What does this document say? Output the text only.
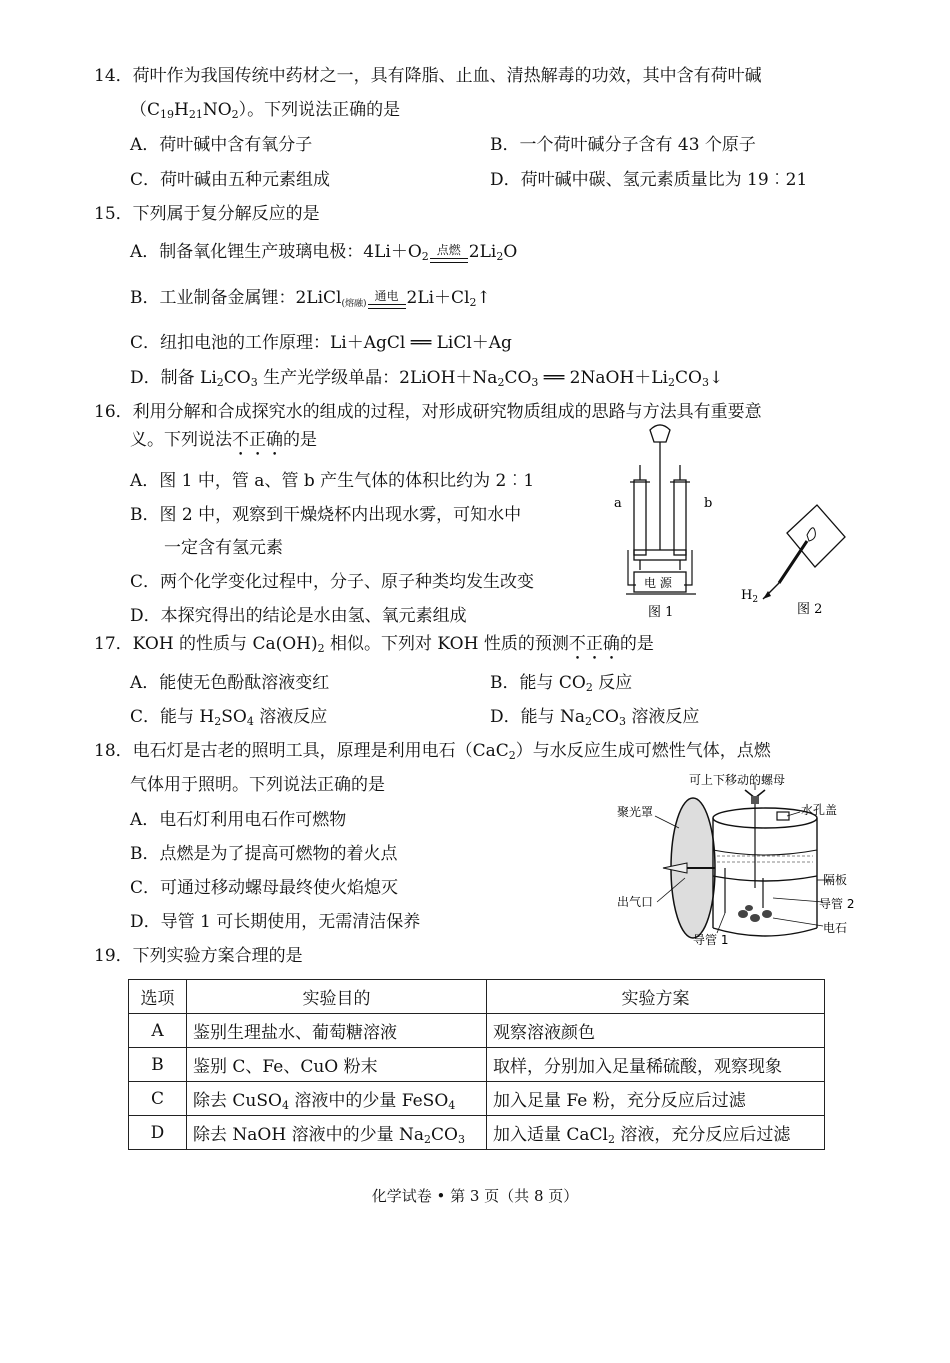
14．荷叶作为我国传统中药材之一，具有降脂、止血、清热解毒的功效，其中含有荷叶碱
$(C_{19}H_{21}NO_2)$。下列说法正确的是
A．荷叶碱中含有氧分子	B．一个荷叶碱分子含有 43 个原子
C．荷叶碱由五种元素组成	D．荷叶碱中碳、氢元素质量比为 19︰21
15．下列属于复分解反应的是
A．制备氧化锂生产玻璃电极：$4Li+O_2$ 点燃 $2Li_2O$
B．工业制备金属锂：2LiCl$_{(熔融)}$
通电 $2Li+Cl_2↑$
C．纽扣电池的工作原理：Li＋AgCl ══ LiCl＋Ag
D．制备 $Li_2CO_3$ 生产光学级单晶：$2LiOH+Na_2CO_3$ ══ $2NaOH+Li_2CO_3↓$
16．利用分解和合成探究水的组成的过程，对形成研究物质组成的思路与方法具有重要意
义。下列说法不正确的是
A．图 1 中，管 a、管 b 产生气体的体积比约为 2︰1
B．图 2 中，观察到干燥烧杯内出现水雾，可知水中
一定含有氢元素
C．两个化学变化过程中，分子、原子种类均发生改变
D．本探究得出的结论是水由氢、氧元素组成
a	b
电 源
图 1
$H_2$
图 2
17．KOH 的性质与 $Ca(OH)_2$ 相似。下列对 KOH 性质的预测不正确的是
A．能使无色酚酞溶液变红	B．能与 $CO_2$ 反应
C．能与 $H_2SO_4$ 溶液反应	D．能与 $Na_2CO_3$ 溶液反应
18．电石灯是古老的照明工具，原理是利用电石（CaC$_2$）与水反应生成可燃性气体，点燃
气体用于照明。下列说法正确的是
A．电石灯利用电石作可燃物
B．点燃是为了提高可燃物的着火点
C．可通过移动螺母最终使火焰熄灭
D．导管 1 可长期使用，无需清洁保养
可上下移动的螺母
聚光罩	水孔盖
隔板
出气口	导管 2
电石
导管 1
19．下列实验方案合理的是
选项	实验目的	实验方案
A	鉴别生理盐水、葡萄糖溶液	观察溶液颜色
B	鉴别 C、Fe、CuO 粉末	取样，分别加入足量稀硫酸，观察现象
C	除去 CuSO$_4$ 溶液中的少量 FeSO$_4$	加入足量 Fe 粉，充分反应后过滤
D	除去 NaOH 溶液中的少量 $Na_2CO_3$	加入适量 CaCl$_2$ 溶液，充分反应后过滤
化学试卷 • 第 3 页（共 8 页）
